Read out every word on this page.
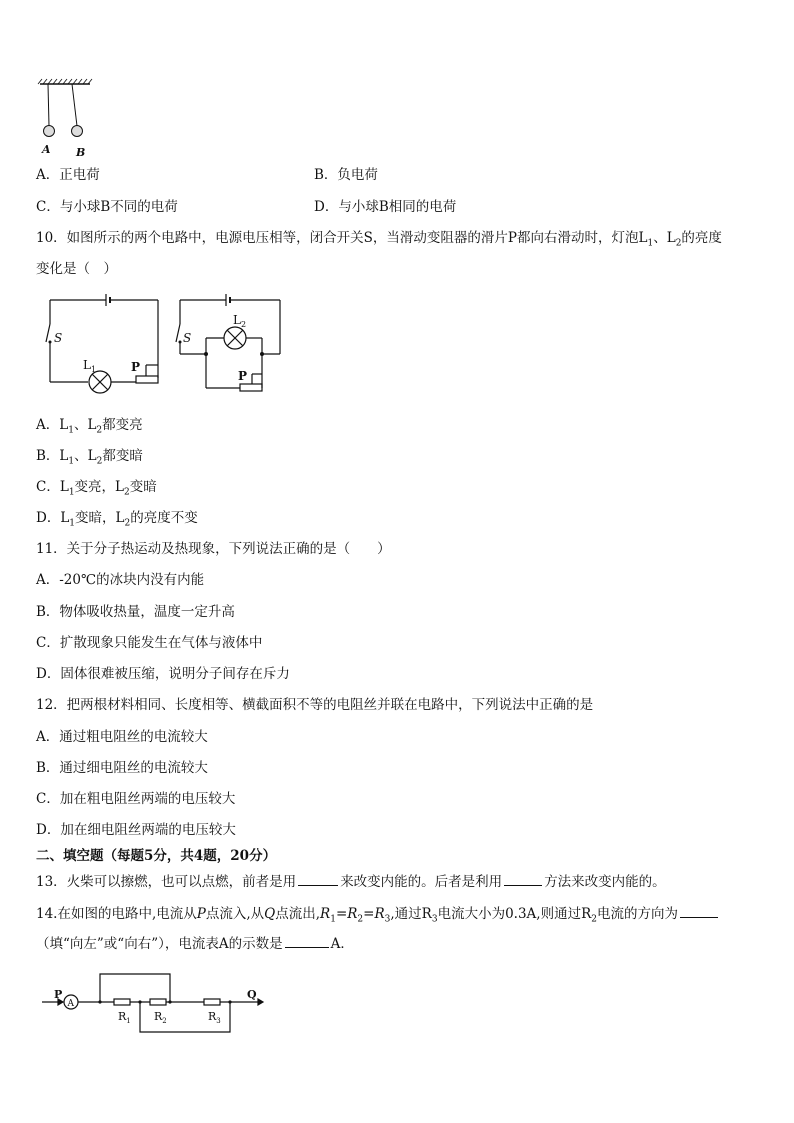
A B
A．正电荷	B．负电荷
C．与小球B不同的电荷	D．与小球B相同的电荷
10．如图所示的两个电路中，电源电压相等，闭合开关S，当滑动变阻器的滑片P都向右滑动时，灯泡$L_1$、$L_2$的亮度
变化是（　）
S	S
$L_1$
$L_2$
P
P
A．$L_1$、$L_2$都变亮
B．$L_1$、$L_2$都变暗
C．$L_1$变亮，$L_2$变暗
D．$L_1$变暗，$L_2$的亮度不变
11．关于分子热运动及热现象，下列说法正确的是（　　）
A．-20℃的冰块内没有内能
B．物体吸收热量，温度一定升高
C．扩散现象只能发生在气体与液体中
D．固体很难被压缩，说明分子间存在斥力
12．把两根材料相同、长度相等、横截面积不等的电阻丝并联在电路中，下列说法中正确的是
A．通过粗电阻丝的电流较大
B．通过细电阻丝的电流较大
C．加在粗电阻丝两端的电压较大
D．加在细电阻丝两端的电压较大
二、填空题（每题5分，共4题，20分）
13．火柴可以擦燃，也可以点燃，前者是用	来改变内能的。后者是利用	方法来改变内能的。
14.在如图的电路中,电流从P点流入,从Q点流出$,R_1=R_2=R_3$,通过$R_3$电流大小为0.3A,则通过$R_2$电流的方向为
（填“向左”或“向右”），电流表A的示数是	A．
P
A
Q
$R_1$ $R_2$	$R_3$
